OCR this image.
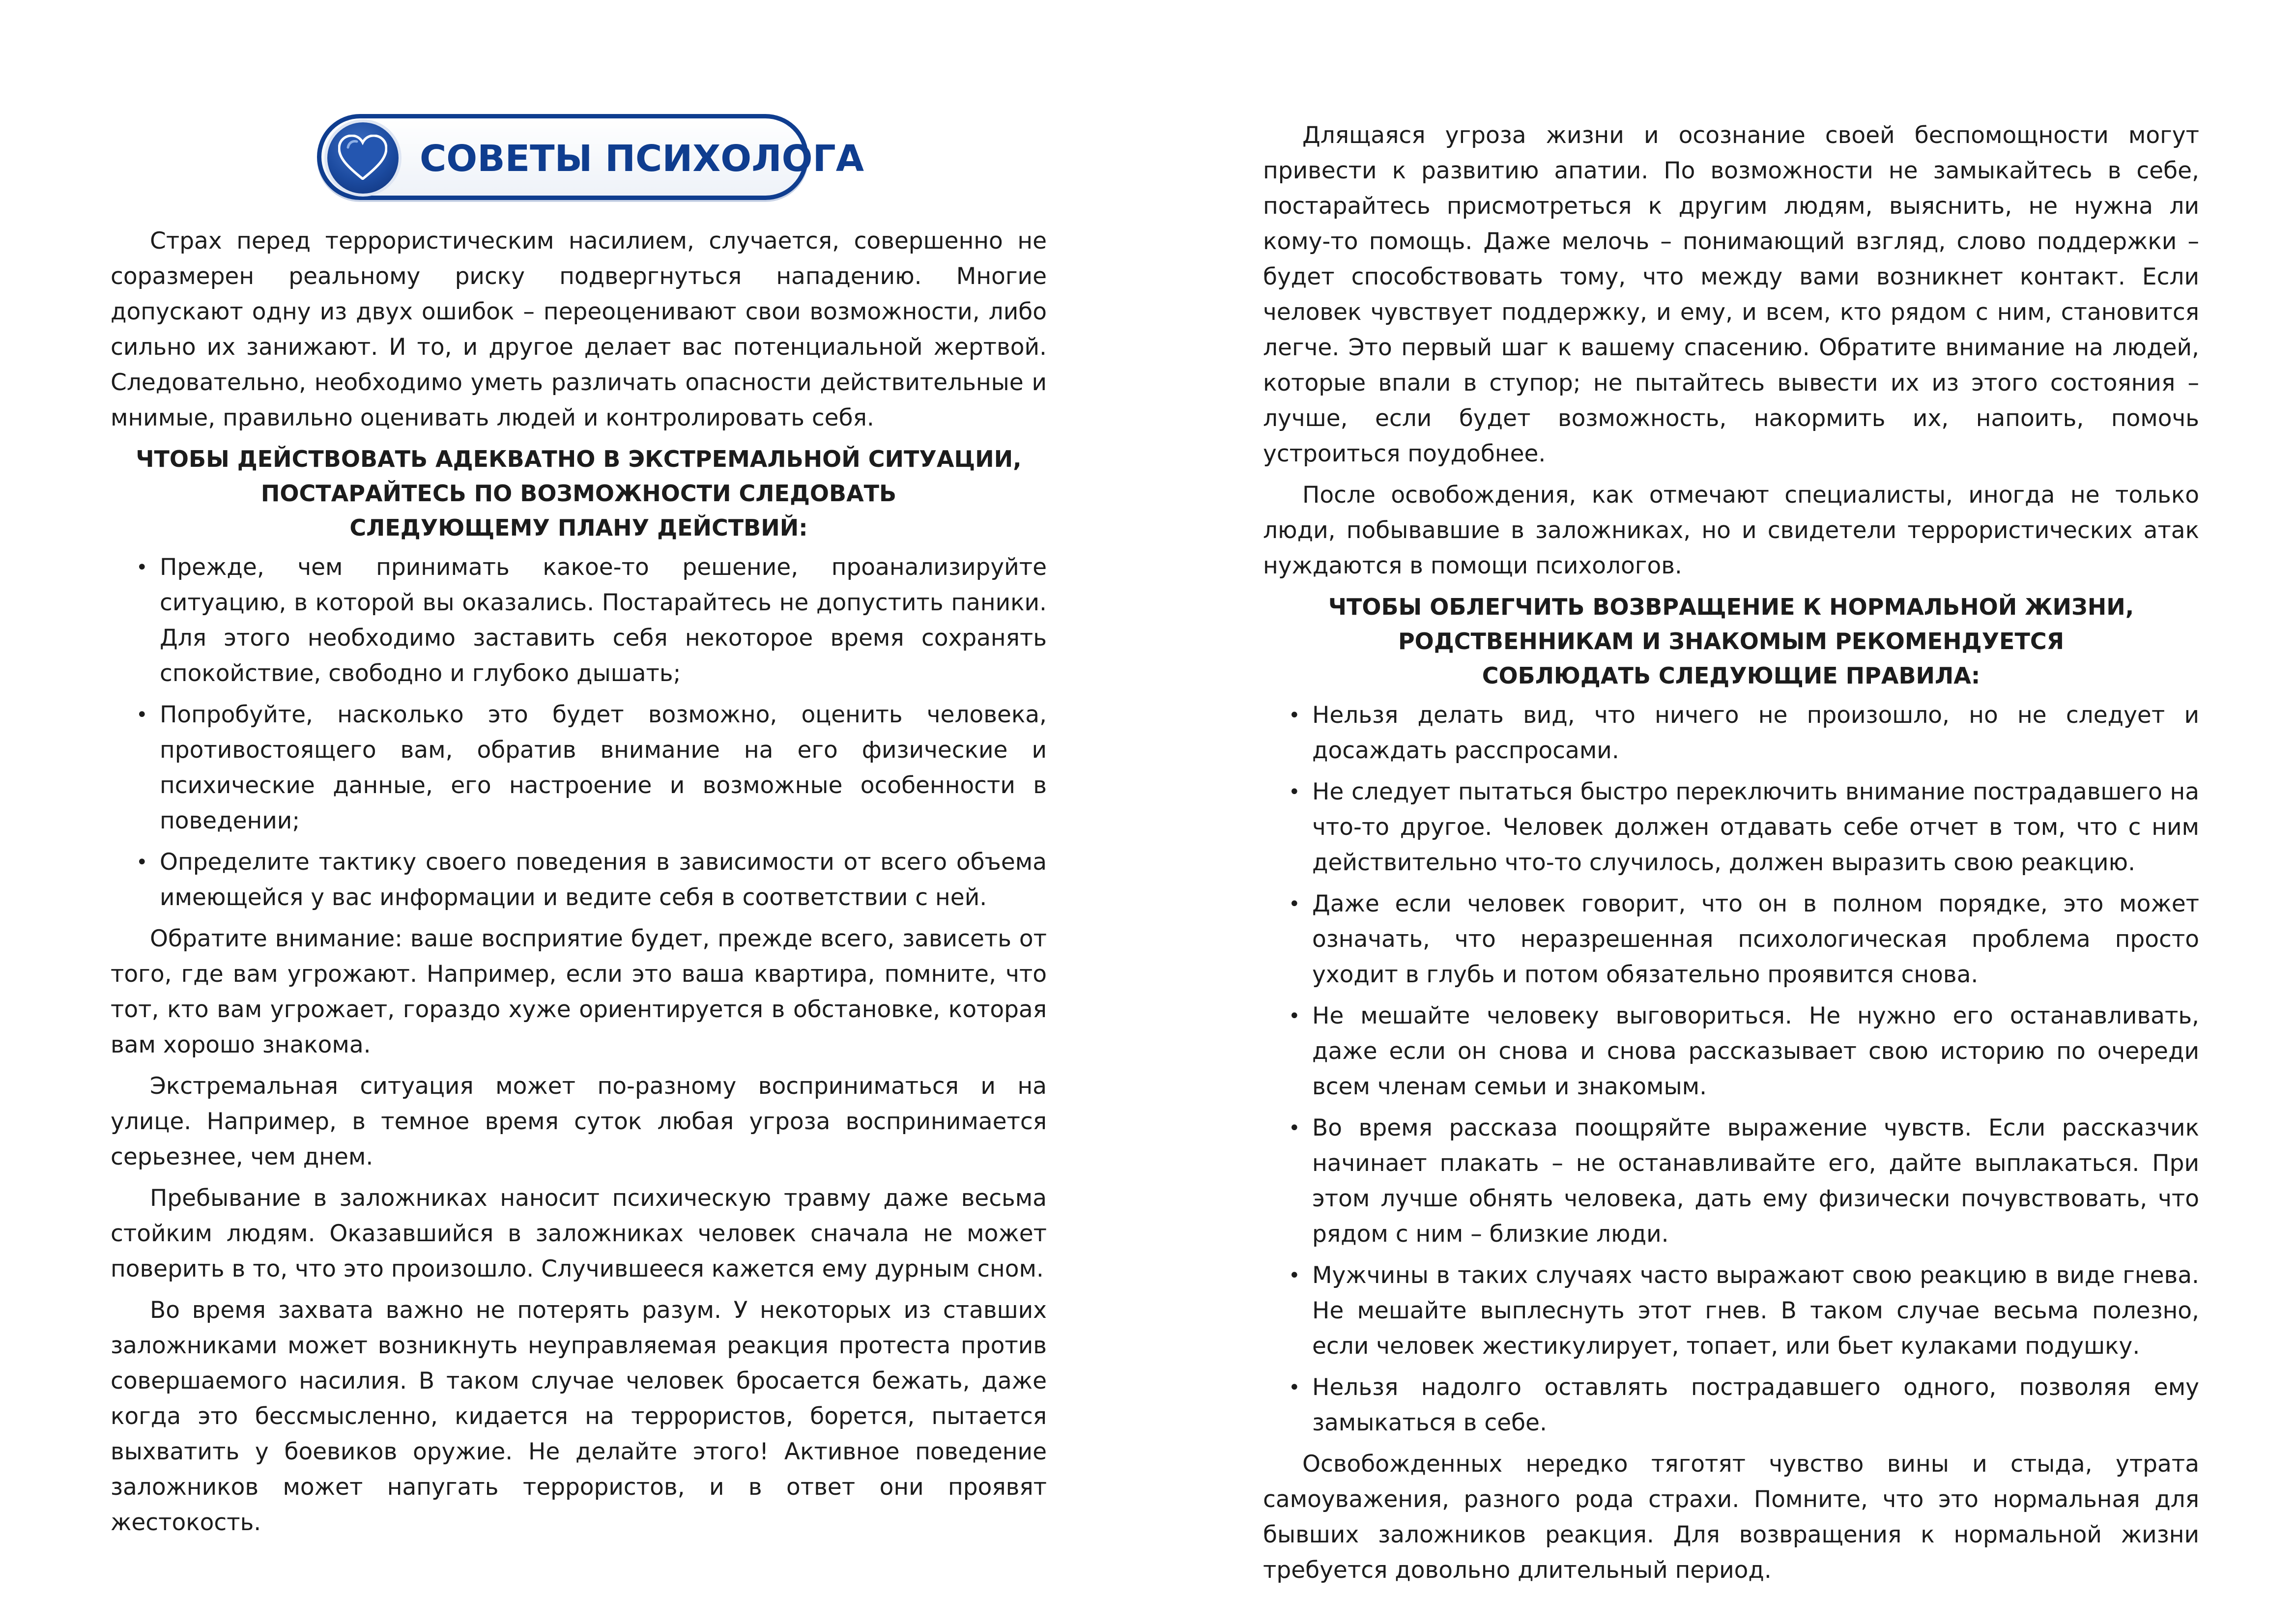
СОВЕТЫ ПСИХОЛОГА

Страх перед террористическим насилием, случается, совершенно не соразмерен реальному риску подвергнуться нападению. Многие допускают одну из двух ошибок – переоценивают свои возможности, либо сильно их занижают. И то, и другое делает вас потенциальной жертвой. Следовательно, необходимо уметь различать опасности действительные и мнимые, правильно оценивать людей и контролировать себя.

ЧТОБЫ ДЕЙСТВОВАТЬ АДЕКВАТНО В ЭКСТРЕМАЛЬНОЙ СИТУАЦИИ,
ПОСТАРАЙТЕСЬ ПО ВОЗМОЖНОСТИ СЛЕДОВАТЬ
СЛЕДУЮЩЕМУ ПЛАНУ ДЕЙСТВИЙ:
• Прежде, чем принимать какое-то решение, проанализируйте ситуацию, в которой вы оказались. Постарайтесь не допустить паники. Для этого необходимо заставить себя некоторое время сохранять спокойствие, свободно и глубоко дышать;
• Попробуйте, насколько это будет возможно, оценить человека, противостоящего вам, обратив внимание на его физические и психические данные, его настроение и возможные особенности в поведении;
• Определите тактику своего поведения в зависимости от всего объема имеющейся у вас информации и ведите себя в соответствии с ней.

Обратите внимание: ваше восприятие будет, прежде всего, зависеть от того, где вам угрожают. Например, если это ваша квартира, помните, что тот, кто вам угрожает, гораздо хуже ориентируется в обстановке, которая вам хорошо знакома.

Экстремальная ситуация может по-разному восприниматься и на улице. Например, в темное время суток любая угроза воспринимается серьезнее, чем днем.

Пребывание в заложниках наносит психическую травму даже весьма стойким людям. Оказавшийся в заложниках человек сначала не может поверить в то, что это произошло. Случившееся кажется ему дурным сном.

Во время захвата важно не потерять разум. У некоторых из ставших заложниками может возникнуть неуправляемая реакция протеста против совершаемого насилия. В таком случае человек бросается бежать, даже когда это бессмысленно, кидается на террористов, борется, пытается выхватить у боевиков оружие. Не делайте этого! Активное поведение заложников может напугать террористов, и в ответ они проявят жестокость.

Длящаяся угроза жизни и осознание своей беспомощности могут привести к развитию апатии. По возможности не замыкайтесь в себе, постарайтесь присмотреться к другим людям, выяснить, не нужна ли кому-то помощь. Даже мелочь – понимающий взгляд, слово поддержки – будет способствовать тому, что между вами возникнет контакт. Если человек чувствует поддержку, и ему, и всем, кто рядом с ним, становится легче. Это первый шаг к вашему спасению. Обратите внимание на людей, которые впали в ступор; не пытайтесь вывести их из этого состояния – лучше, если будет возможность, накормить их, напоить, помочь устроиться поудобнее.

После освобождения, как отмечают специалисты, иногда не только люди, побывавшие в заложниках, но и свидетели террористических атак нуждаются в помощи психологов.

ЧТОБЫ ОБЛЕГЧИТЬ ВОЗВРАЩЕНИЕ К НОРМАЛЬНОЙ ЖИЗНИ,
РОДСТВЕННИКАМ И ЗНАКОМЫМ РЕКОМЕНДУЕТСЯ
СОБЛЮДАТЬ СЛЕДУЮЩИЕ ПРАВИЛА:
• Нельзя делать вид, что ничего не произошло, но не следует и досаждать расспросами.
• Не следует пытаться быстро переключить внимание пострадавшего на что-то другое. Человек должен отдавать себе отчет в том, что с ним действительно что-то случилось, должен выразить свою реакцию.
• Даже если человек говорит, что он в полном порядке, это может означать, что неразрешенная психологическая проблема просто уходит в глубь и потом обязательно проявится снова.
• Не мешайте человеку выговориться. Не нужно его останавливать, даже если он снова и снова рассказывает свою историю по очереди всем членам семьи и знакомым.
• Во время рассказа поощряйте выражение чувств. Если рассказчик начинает плакать – не останавливайте его, дайте выплакаться. При этом лучше обнять человека, дать ему физически почувствовать, что рядом с ним – близкие люди.
• Мужчины в таких случаях часто выражают свою реакцию в виде гнева. Не мешайте выплеснуть этот гнев. В таком случае весьма полезно, если человек жестикулирует, топает, или бьет кулаками подушку.
• Нельзя надолго оставлять пострадавшего одного, позволяя ему замыкаться в себе.

Освобожденных нередко тяготят чувство вины и стыда, утрата самоуважения, разного рода страхи. Помните, что это нормальная для бывших заложников реакция. Для возвращения к нормальной жизни требуется довольно длительный период.
